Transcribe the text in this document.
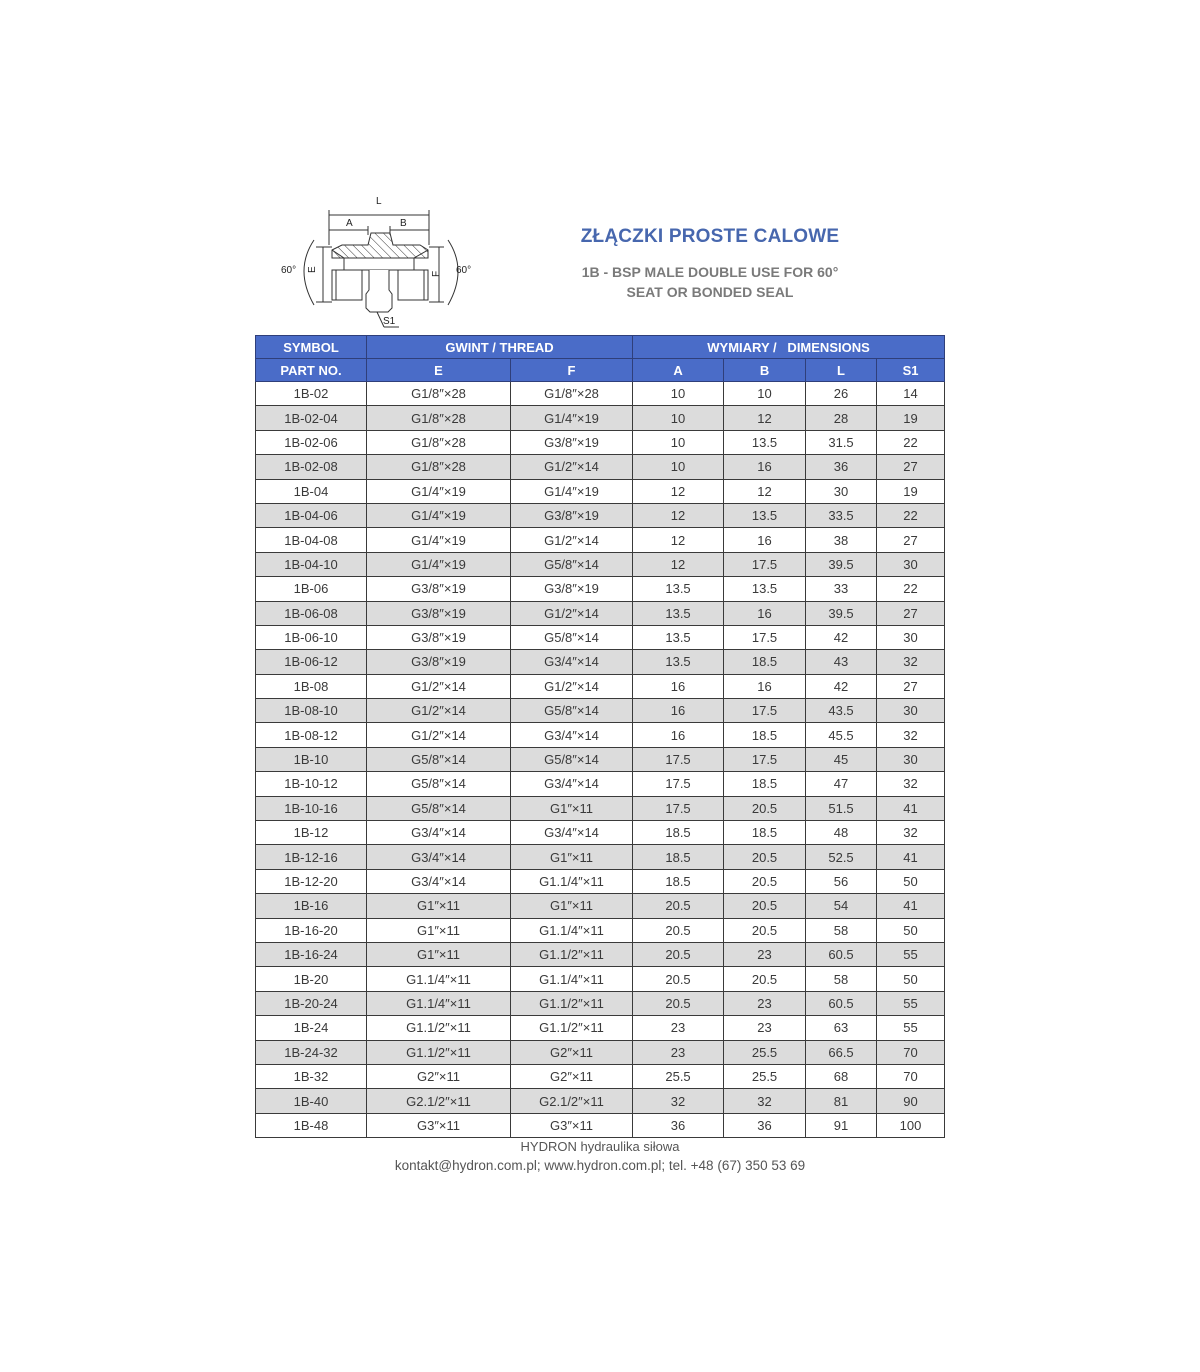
L
A	B
E
F
S1
60°	60°
ZŁĄCZKI PROSTE CALOWE
1B - BSP MALE DOUBLE USE FOR 60°
SEAT OR BONDED SEAL
SYMBOL	GWINT / THREAD		WYMIARY /   DIMENSIONS			
PART NO.	E	F	A	B	L	S1
1B-02	G1/8″×28	G1/8″×28	10	10	26	14
1B-02-04	G1/8″×28	G1/4″×19	10	12	28	19
1B-02-06	G1/8″×28	G3/8″×19	10	13.5	31.5	22
1B-02-08	G1/8″×28	G1/2″×14	10	16	36	27
1B-04	G1/4″×19	G1/4″×19	12	12	30	19
1B-04-06	G1/4″×19	G3/8″×19	12	13.5	33.5	22
1B-04-08	G1/4″×19	G1/2″×14	12	16	38	27
1B-04-10	G1/4″×19	G5/8″×14	12	17.5	39.5	30
1B-06	G3/8″×19	G3/8″×19	13.5	13.5	33	22
1B-06-08	G3/8″×19	G1/2″×14	13.5	16	39.5	27
1B-06-10	G3/8″×19	G5/8″×14	13.5	17.5	42	30
1B-06-12	G3/8″×19	G3/4″×14	13.5	18.5	43	32
1B-08	G1/2″×14	G1/2″×14	16	16	42	27
1B-08-10	G1/2″×14	G5/8″×14	16	17.5	43.5	30
1B-08-12	G1/2″×14	G3/4″×14	16	18.5	45.5	32
1B-10	G5/8″×14	G5/8″×14	17.5	17.5	45	30
1B-10-12	G5/8″×14	G3/4″×14	17.5	18.5	47	32
1B-10-16	G5/8″×14	G1″×11	17.5	20.5	51.5	41
1B-12	G3/4″×14	G3/4″×14	18.5	18.5	48	32
1B-12-16	G3/4″×14	G1″×11	18.5	20.5	52.5	41
1B-12-20	G3/4″×14	G1.1/4″×11	18.5	20.5	56	50
1B-16	G1″×11	G1″×11	20.5	20.5	54	41
1B-16-20	G1″×11	G1.1/4″×11	20.5	20.5	58	50
1B-16-24	G1″×11	G1.1/2″×11	20.5	23	60.5	55
1B-20	G1.1/4″×11	G1.1/4″×11	20.5	20.5	58	50
1B-20-24	G1.1/4″×11	G1.1/2″×11	20.5	23	60.5	55
1B-24	G1.1/2″×11	G1.1/2″×11	23	23	63	55
1B-24-32	G1.1/2″×11	G2″×11	23	25.5	66.5	70
1B-32	G2″×11	G2″×11	25.5	25.5	68	70
1B-40	G2.1/2″×11	G2.1/2″×11	32	32	81	90
1B-48	G3″×11	G3″×11	36	36	91	100
HYDRON hydraulika siłowa
kontakt@hydron.com.pl; www.hydron.com.pl; tel. +48 (67) 350 53 69
